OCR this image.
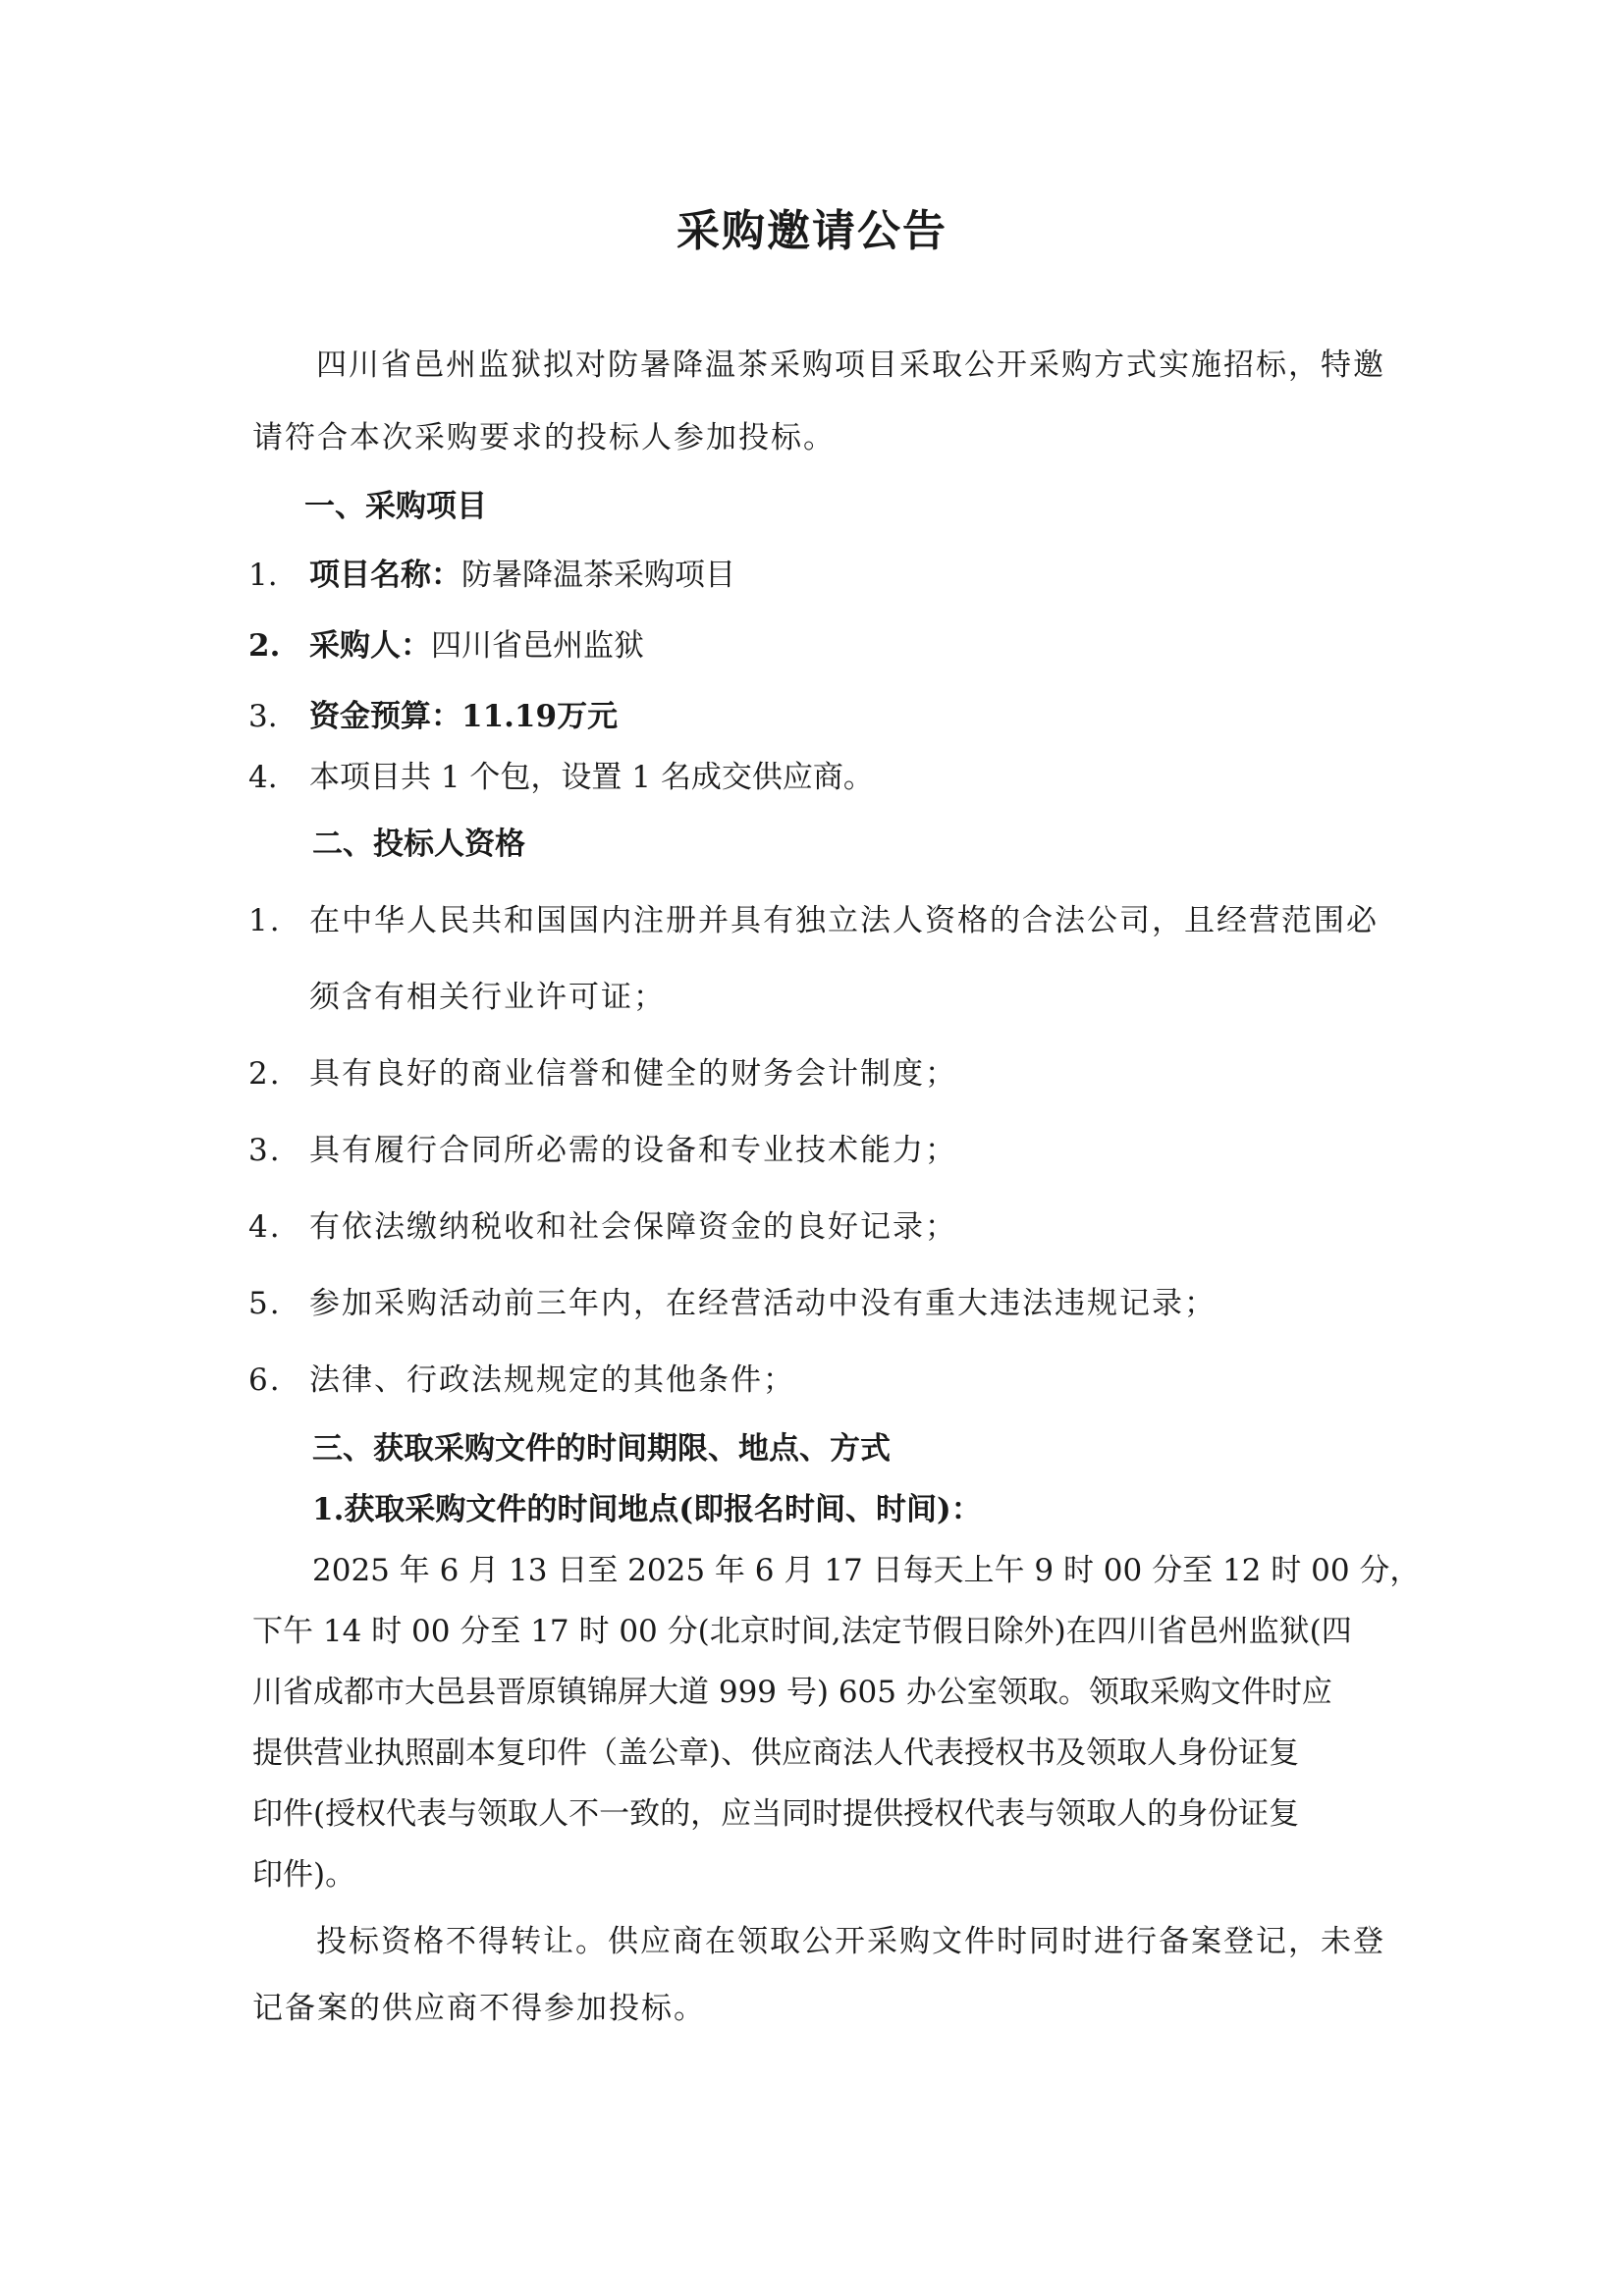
采购邀请公告
四川省邑州监狱拟对防暑降温茶采购项目采取公开采购方式实施招标，特邀
请符合本次采购要求的投标人参加投标。
一、采购项目
1. 项目名称：防暑降温茶采购项目
2. 采购人：四川省邑州监狱
3. 资金预算：11.19万元
4. 本项目共 1 个包，设置 1 名成交供应商。
二、投标人资格
1. 在中华人民共和国国内注册并具有独立法人资格的合法公司，且经营范围必
须含有相关行业许可证；
2. 具有良好的商业信誉和健全的财务会计制度；
3. 具有履行合同所必需的设备和专业技术能力；
4. 有依法缴纳税收和社会保障资金的良好记录；
5. 参加采购活动前三年内，在经营活动中没有重大违法违规记录；
6. 法律、行政法规规定的其他条件；
三、获取采购文件的时间期限、地点、方式
1.获取采购文件的时间地点(即报名时间、时间)：
2025 年 6 月 13 日至 2025 年 6 月 17 日每天上午 9 时 00 分至 12 时 00 分，
下午 14 时 00 分至 17 时 00 分(北京时间,法定节假日除外)在四川省邑州监狱(四
川省成都市大邑县晋原镇锦屏大道 999 号) 605 办公室领取。领取采购文件时应
提供营业执照副本复印件（盖公章)、供应商法人代表授权书及领取人身份证复
印件(授权代表与领取人不一致的，应当同时提供授权代表与领取人的身份证复
印件)。
投标资格不得转让。供应商在领取公开采购文件时同时进行备案登记，未登
记备案的供应商不得参加投标。
